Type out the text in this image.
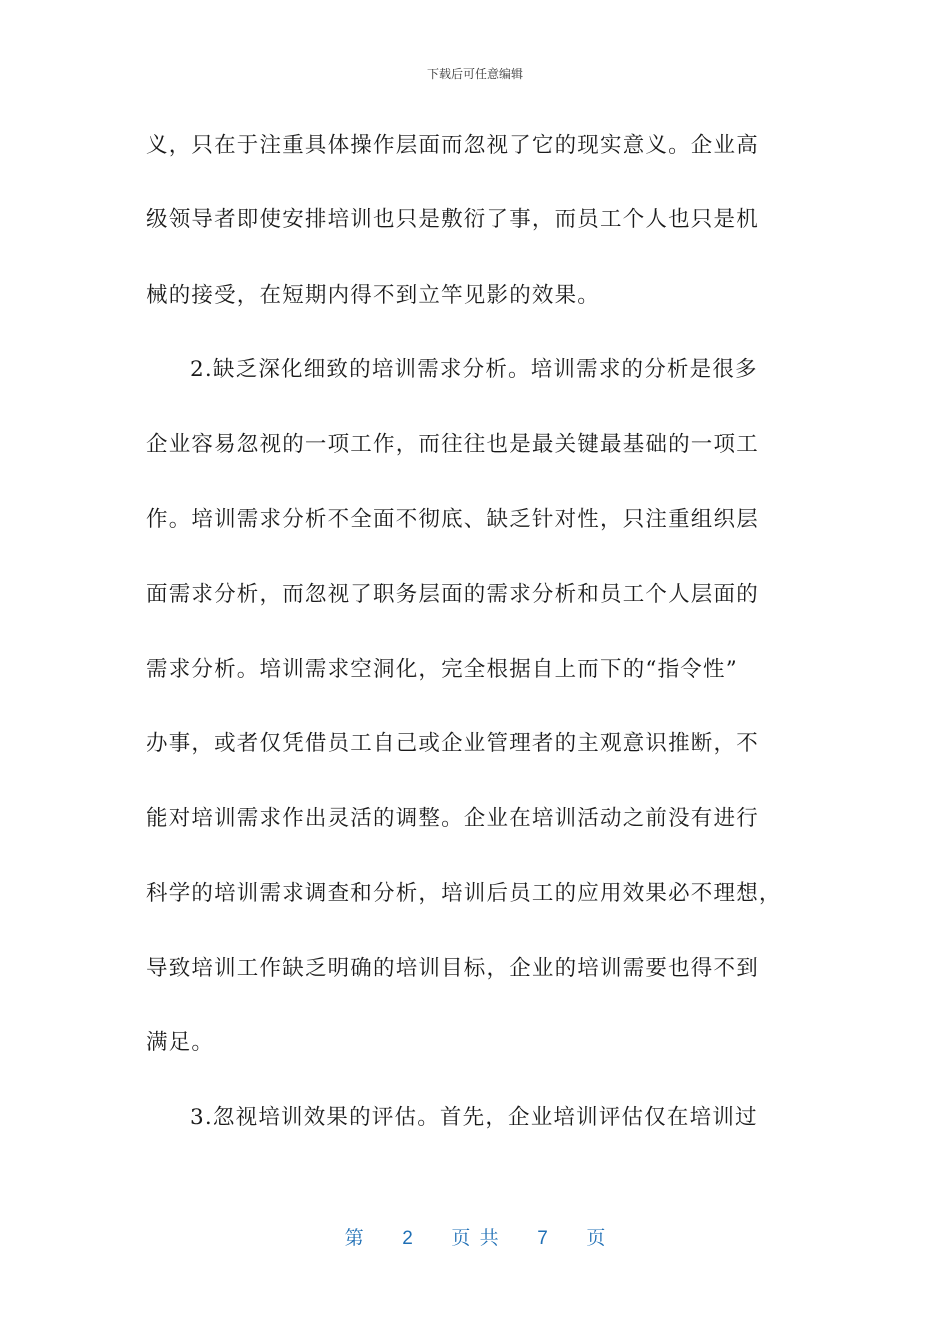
下载后可任意编辑
义，只在于注重具体操作层面而忽视了它的现实意义。企业高
级领导者即使安排培训也只是敷衍了事，而员工个人也只是机
械的接受，在短期内得不到立竿见影的效果。
2.缺乏深化细致的培训需求分析。培训需求的分析是很多
企业容易忽视的一项工作，而往往也是最关键最基础的一项工
作。培训需求分析不全面不彻底、缺乏针对性，只注重组织层
面需求分析，而忽视了职务层面的需求分析和员工个人层面的
需求分析。培训需求空洞化，完全根据自上而下的“指令性”
办事，或者仅凭借员工自己或企业管理者的主观意识推断，不
能对培训需求作出灵活的调整。企业在培训活动之前没有进行
科学的培训需求调查和分析，培训后员工的应用效果必不理想，
导致培训工作缺乏明确的培训目标，企业的培训需要也得不到
满足。
3.忽视培训效果的评估。首先，企业培训评估仅在培训过
第 2 页 共 7 页
